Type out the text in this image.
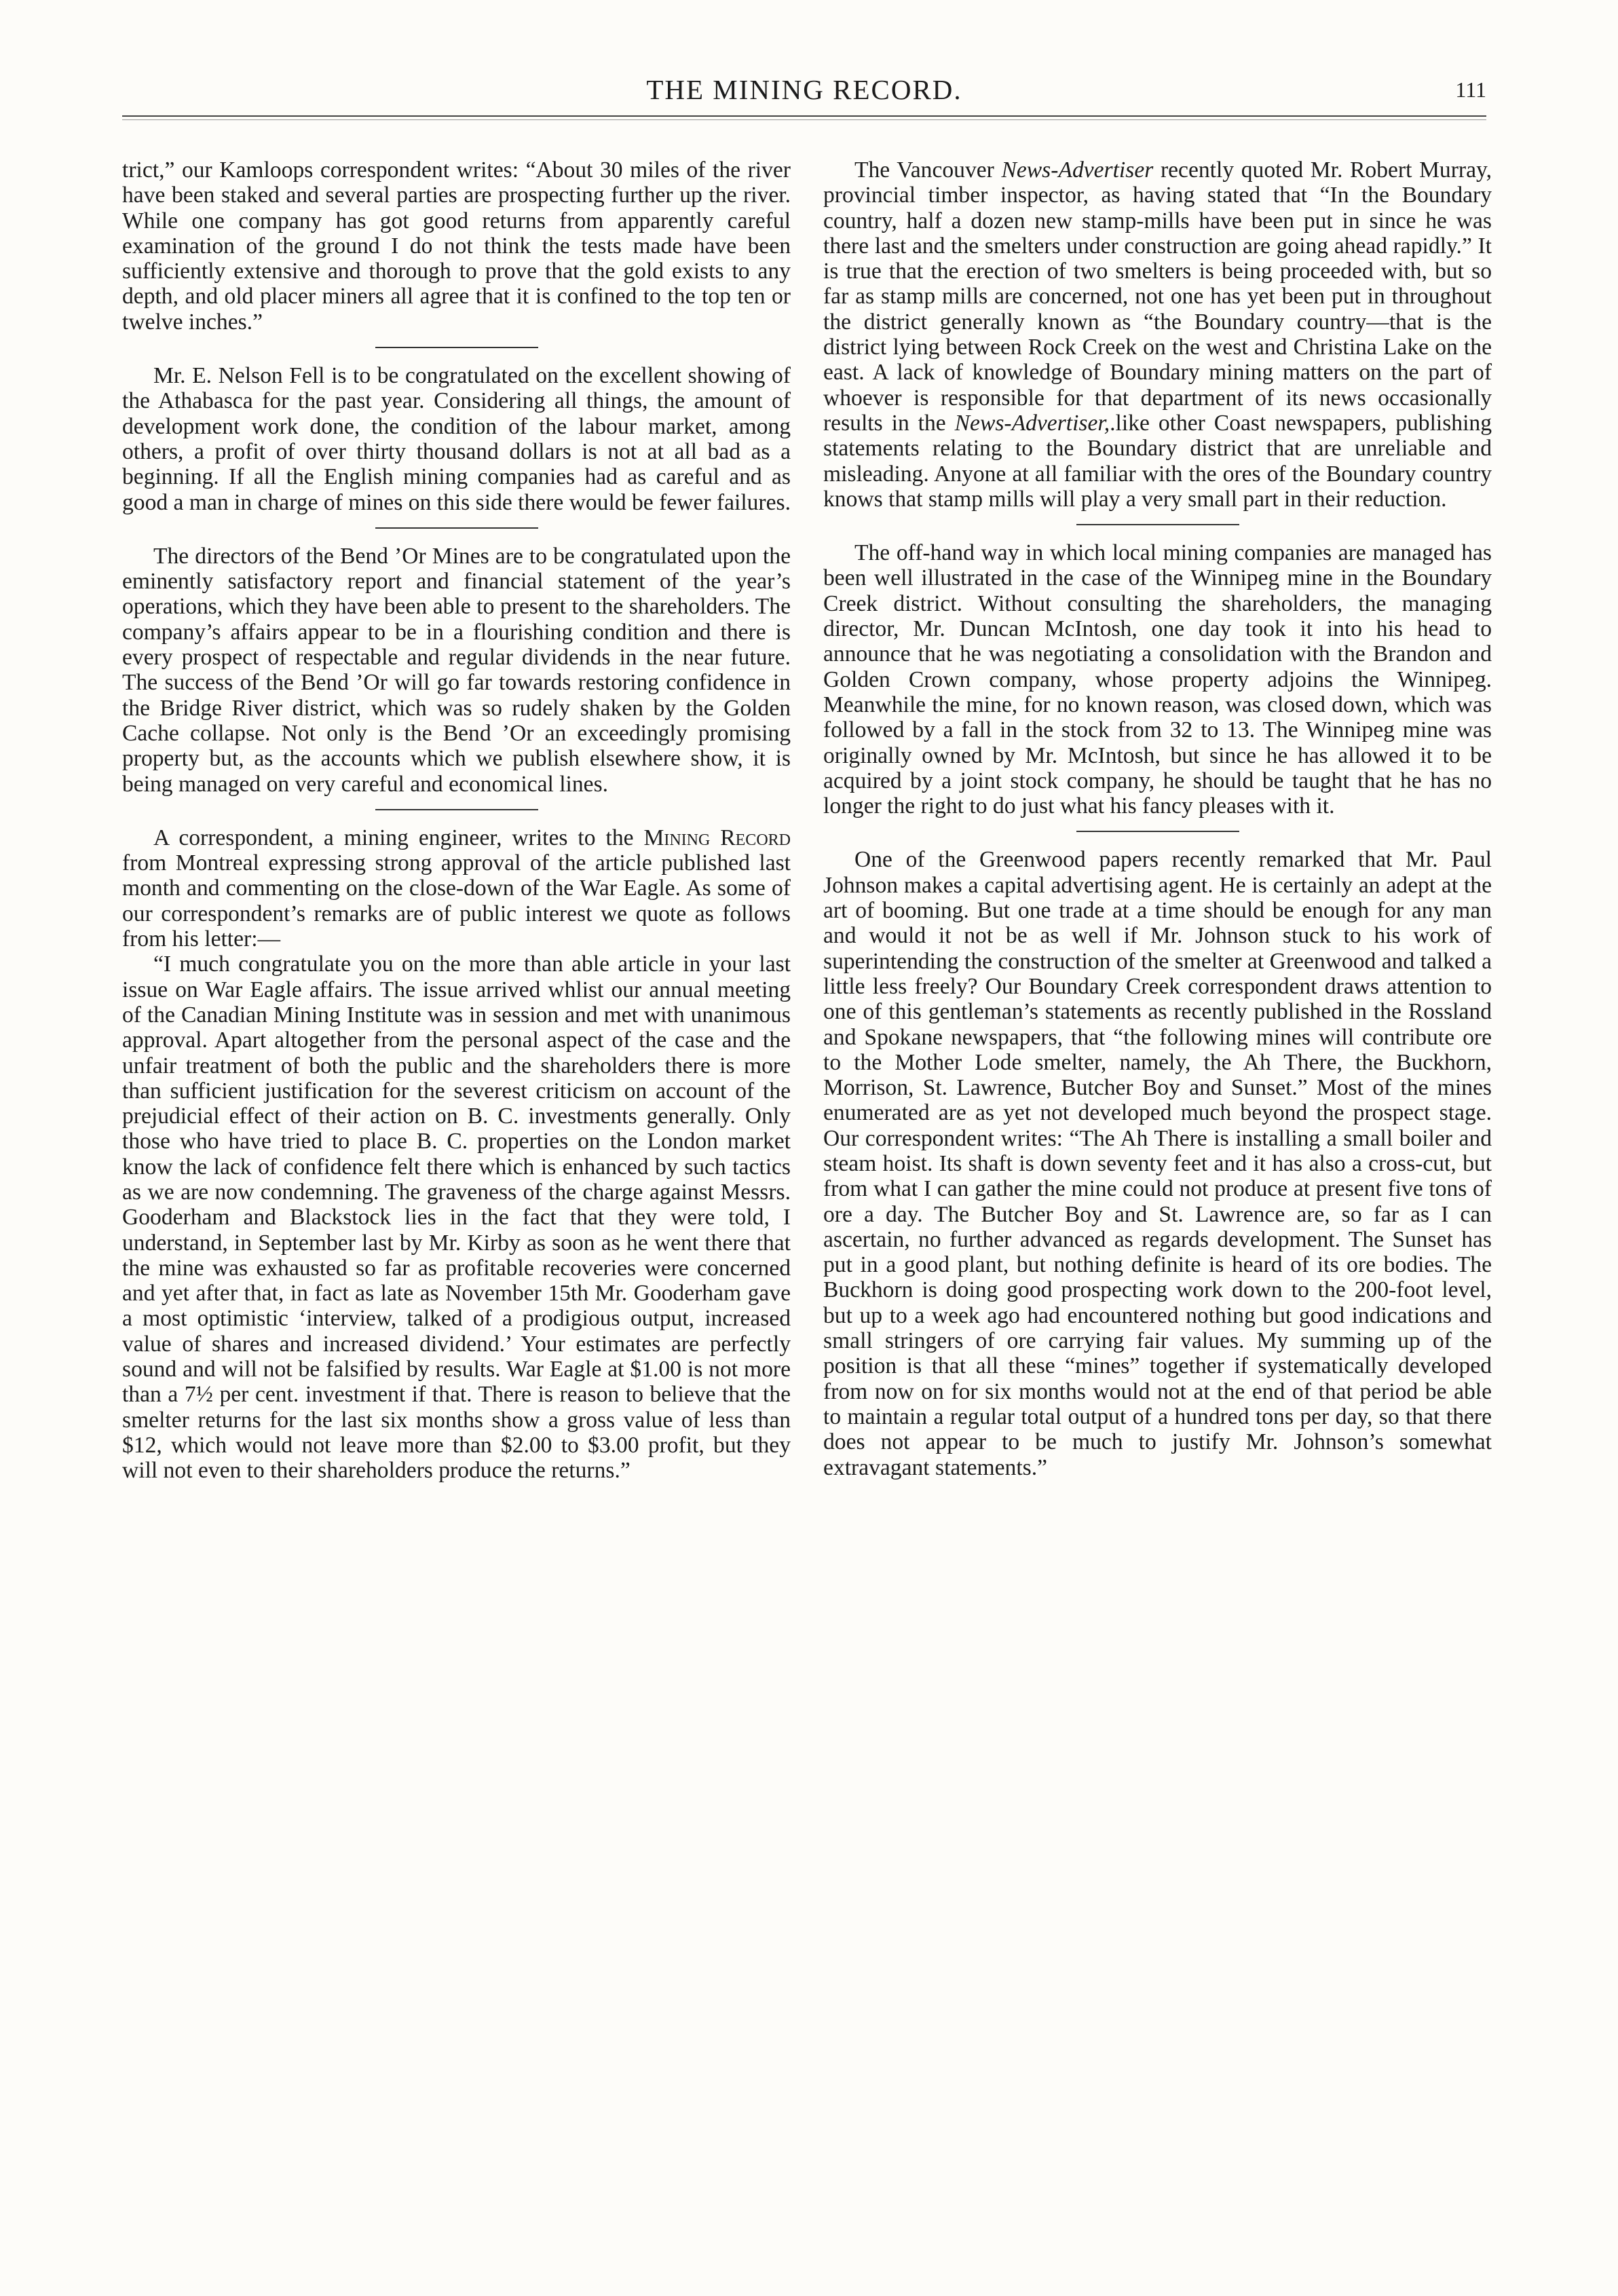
THE MINING RECORD.	111

trict,” our Kamloops correspondent writes: “About 30 miles of the river have been staked and several parties are prospecting further up the river. While one company has got good returns from apparently careful examination of the ground I do not think the tests made have been sufficiently extensive and thorough to prove that the gold exists to any depth, and old placer miners all agree that it is confined to the top ten or twelve inches.”

Mr. E. Nelson Fell is to be congratulated on the excellent showing of the Athabasca for the past year. Considering all things, the amount of development work done, the condition of the labour market, among others, a profit of over thirty thousand dollars is not at all bad as a beginning. If all the English mining companies had as careful and as good a man in charge of mines on this side there would be fewer failures.

The directors of the Bend ’Or Mines are to be congratulated upon the eminently satisfactory report and financial statement of the year’s operations, which they have been able to present to the shareholders. The company’s affairs appear to be in a flourishing condition and there is every prospect of respectable and regular dividends in the near future. The success of the Bend ’Or will go far towards restoring confidence in the Bridge River district, which was so rudely shaken by the Golden Cache collapse. Not only is the Bend ’Or an exceedingly promising property but, as the accounts which we publish elsewhere show, it is being managed on very careful and economical lines.

A correspondent, a mining engineer, writes to the Mining Record from Montreal expressing strong approval of the article published last month and commenting on the close-down of the War Eagle. As some of our correspondent’s remarks are of public interest we quote as follows from his letter:—

“I much congratulate you on the more than able article in your last issue on War Eagle affairs. The issue arrived whlist our annual meeting of the Canadian Mining Institute was in session and met with unanimous approval. Apart altogether from the personal aspect of the case and the unfair treatment of both the public and the shareholders there is more than sufficient justification for the severest criticism on account of the prejudicial effect of their action on B. C. investments generally. Only those who have tried to place B. C. properties on the London market know the lack of confidence felt there which is enhanced by such tactics as we are now condemning. The graveness of the charge against Messrs. Gooderham and Blackstock lies in the fact that they were told, I understand, in September last by Mr. Kirby as soon as he went there that the mine was exhausted so far as profitable recoveries were concerned and yet after that, in fact as late as November 15th Mr. Gooderham gave a most optimistic ‘interview, talked of a prodigious output, increased value of shares and increased dividend.’ Your estimates are perfectly sound and will not be falsified by results. War Eagle at $1.00 is not more than a 7½ per cent. investment if that. There is reason to believe that the smelter returns for the last six months show a gross value of less than $12, which would not leave more than $2.00 to $3.00 profit, but they will not even to their shareholders produce the returns.”

The Vancouver News-Advertiser recently quoted Mr. Robert Murray, provincial timber inspector, as having stated that “In the Boundary country, half a dozen new stamp-mills have been put in since he was there last and the smelters under construction are going ahead rapidly.” It is true that the erection of two smelters is being proceeded with, but so far as stamp mills are concerned, not one has yet been put in throughout the district generally known as “the Boundary country—that is the district lying between Rock Creek on the west and Christina Lake on the east. A lack of knowledge of Boundary mining matters on the part of whoever is responsible for that department of its news occasionally results in the News-Advertiser,.like other Coast newspapers, publishing statements relating to the Boundary district that are unreliable and misleading. Anyone at all familiar with the ores of the Boundary country knows that stamp mills will play a very small part in their reduction.

The off-hand way in which local mining companies are managed has been well illustrated in the case of the Winnipeg mine in the Boundary Creek district. Without consulting the shareholders, the managing director, Mr. Duncan McIntosh, one day took it into his head to announce that he was negotiating a consolidation with the Brandon and Golden Crown company, whose property adjoins the Winnipeg. Meanwhile the mine, for no known reason, was closed down, which was followed by a fall in the stock from 32 to 13. The Winnipeg mine was originally owned by Mr. McIntosh, but since he has allowed it to be acquired by a joint stock company, he should be taught that he has no longer the right to do just what his fancy pleases with it.

One of the Greenwood papers recently remarked that Mr. Paul Johnson makes a capital advertising agent. He is certainly an adept at the art of booming. But one trade at a time should be enough for any man and would it not be as well if Mr. Johnson stuck to his work of superintending the construction of the smelter at Greenwood and talked a little less freely? Our Boundary Creek correspondent draws attention to one of this gentleman’s statements as recently published in the Rossland and Spokane newspapers, that “the following mines will contribute ore to the Mother Lode smelter, namely, the Ah There, the Buckhorn, Morrison, St. Lawrence, Butcher Boy and Sunset.” Most of the mines enumerated are as yet not developed much beyond the prospect stage. Our correspondent writes: “The Ah There is installing a small boiler and steam hoist. Its shaft is down seventy feet and it has also a cross-cut, but from what I can gather the mine could not produce at present five tons of ore a day. The Butcher Boy and St. Lawrence are, so far as I can ascertain, no further advanced as regards development. The Sunset has put in a good plant, but nothing definite is heard of its ore bodies. The Buckhorn is doing good prospecting work down to the 200-foot level, but up to a week ago had encountered nothing but good indications and small stringers of ore carrying fair values. My summing up of the position is that all these “mines” together if systematically developed from now on for six months would not at the end of that period be able to maintain a regular total output of a hundred tons per day, so that there does not appear to be much to justify Mr. Johnson’s somewhat extravagant statements.”
